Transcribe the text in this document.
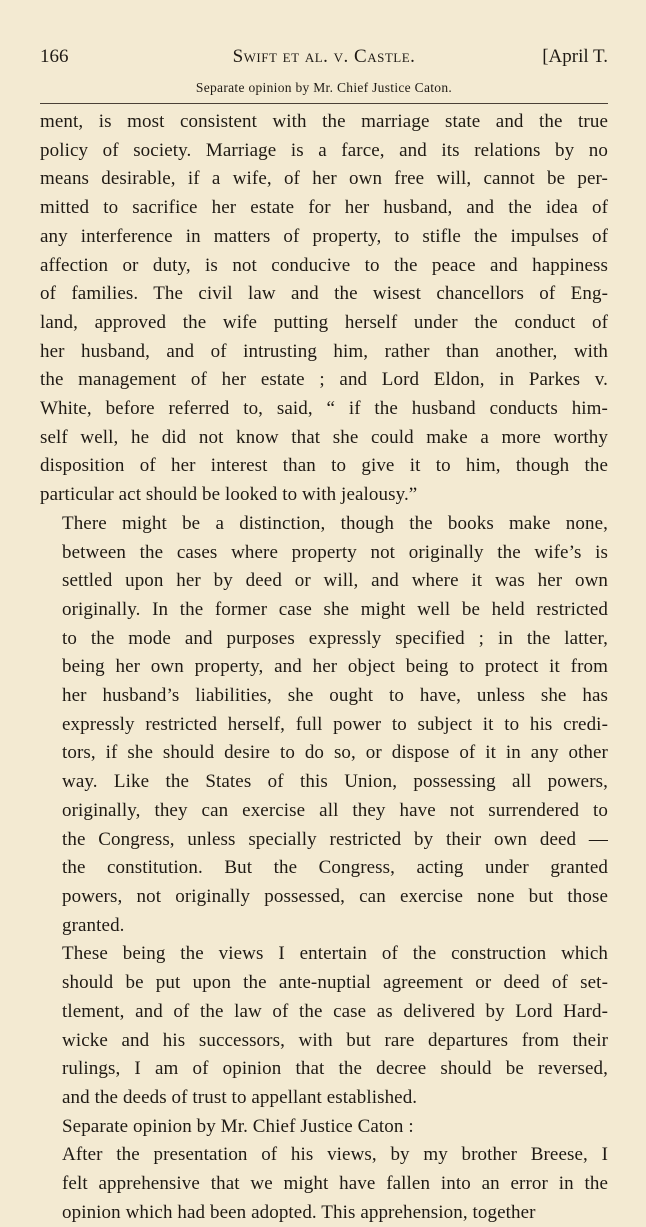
166	Swift et al. v. Castle.	[April T.
Separate opinion by Mr. Chief Justice Caton.

ment, is most consistent with the marriage state and the true
policy of society. Marriage is a farce, and its relations by no
means desirable, if a wife, of her own free will, cannot be per-
mitted to sacrifice her estate for her husband, and the idea of
any interference in matters of property, to stifle the impulses of
affection or duty, is not conducive to the peace and happiness
of families. The civil law and the wisest chancellors of Eng-
land, approved the wife putting herself under the conduct of
her husband, and of intrusting him, rather than another, with
the management of her estate ; and Lord Eldon, in Parkes v.
White, before referred to, said, “ if the husband conducts him-
self well, he did not know that she could make a more worthy
disposition of her interest than to give it to him, though the
particular act should be looked to with jealousy.”

There might be a distinction, though the books make none,
between the cases where property not originally the wife’s is
settled upon her by deed or will, and where it was her own
originally. In the former case she might well be held restricted
to the mode and purposes expressly specified ; in the latter,
being her own property, and her object being to protect it from
her husband’s liabilities, she ought to have, unless she has
expressly restricted herself, full power to subject it to his credi-
tors, if she should desire to do so, or dispose of it in any other
way. Like the States of this Union, possessing all powers,
originally, they can exercise all they have not surrendered to
the Congress, unless specially restricted by their own deed —
the constitution. But the Congress, acting under granted
powers, not originally possessed, can exercise none but those
granted.

These being the views I entertain of the construction which
should be put upon the ante-nuptial agreement or deed of set-
tlement, and of the law of the case as delivered by Lord Hard-
wicke and his successors, with but rare departures from their
rulings, I am of opinion that the decree should be reversed,
and the deeds of trust to appellant established.

Separate opinion by Mr. Chief Justice Caton :

After the presentation of his views, by my brother Breese, I
felt apprehensive that we might have fallen into an error in the
opinion which had been adopted. This apprehension, together
